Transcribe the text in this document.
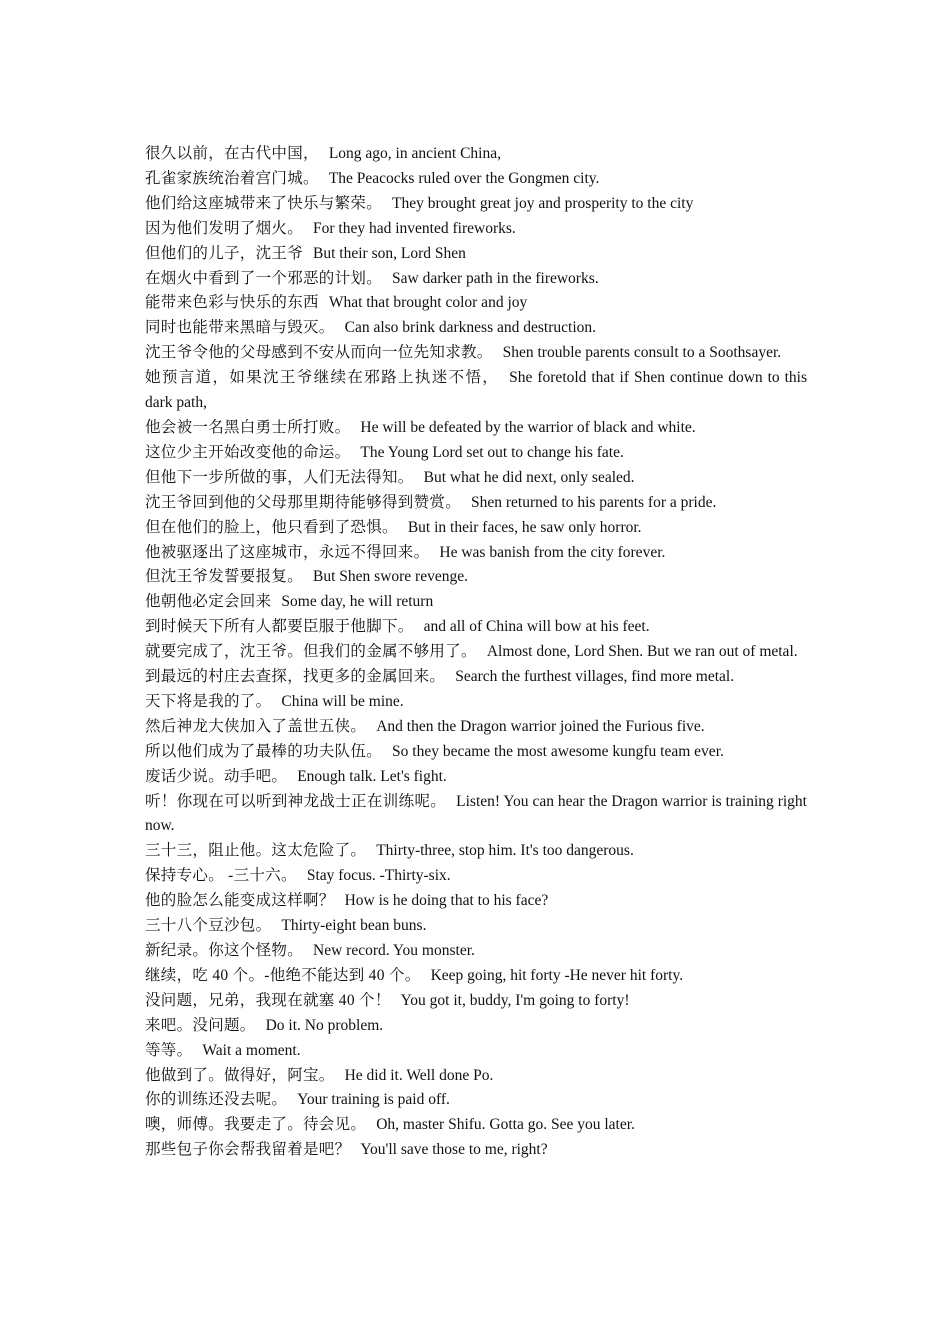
很久以前，在古代中国， Long ago, in ancient China,
孔雀家族统治着宫门城。 The Peacocks ruled over the Gongmen city.
他们给这座城带来了快乐与繁荣。 They brought great joy and prosperity to the city
因为他们发明了烟火。 For they had invented fireworks.
但他们的儿子，沈王爷 But their son, Lord Shen
在烟火中看到了一个邪恶的计划。 Saw darker path in the fireworks.
能带来色彩与快乐的东西 What that brought color and joy
同时也能带来黑暗与毁灭。 Can also brink darkness and destruction.
沈王爷令他的父母感到不安从而向一位先知求教。 Shen trouble parents consult to a Soothsayer.
她预言道，如果沈王爷继续在邪路上执迷不悟， She foretold that if Shen continue down to this dark path,
他会被一名黑白勇士所打败。 He will be defeated by the warrior of black and white.
这位少主开始改变他的命运。 The Young Lord set out to change his fate.
但他下一步所做的事，人们无法得知。 But what he did next, only sealed.
沈王爷回到他的父母那里期待能够得到赞赏。 Shen returned to his parents for a pride.
但在他们的脸上，他只看到了恐惧。 But in their faces, he saw only horror.
他被驱逐出了这座城市，永远不得回来。 He was banish from the city forever.
但沈王爷发誓要报复。 But Shen swore revenge.
他朝他必定会回来 Some day, he will return
到时候天下所有人都要臣服于他脚下。 and all of China will bow at his feet.
就要完成了，沈王爷。但我们的金属不够用了。 Almost done, Lord Shen. But we ran out of metal.
到最远的村庄去查探，找更多的金属回来。 Search the furthest villages, find more metal.
天下将是我的了。 China will be mine.
然后神龙大侠加入了盖世五侠。 And then the Dragon warrior joined the Furious five.
所以他们成为了最棒的功夫队伍。 So they became the most awesome kungfu team ever.
废话少说。动手吧。 Enough talk. Let's fight.
听！你现在可以听到神龙战士正在训练呢。 Listen! You can hear the Dragon warrior is training right now.
三十三，阻止他。这太危险了。 Thirty-three, stop him. It's too dangerous.
保持专心。 -三十六。 Stay focus. -Thirty-six.
他的脸怎么能变成这样啊？ How is he doing that to his face?
三十八个豆沙包。 Thirty-eight bean buns.
新纪录。你这个怪物。 New record. You monster.
继续，吃 40 个。-他绝不能达到 40 个。 Keep going, hit forty -He never hit forty.
没问题，兄弟，我现在就塞 40 个！ You got it, buddy, I'm going to forty!
来吧。没问题。 Do it. No problem.
等等。 Wait a moment.
他做到了。做得好，阿宝。 He did it. Well done Po.
你的训练还没去呢。 Your training is paid off.
噢，师傅。我要走了。待会见。 Oh, master Shifu. Gotta go. See you later.
那些包子你会帮我留着是吧？ You'll save those to me, right?
